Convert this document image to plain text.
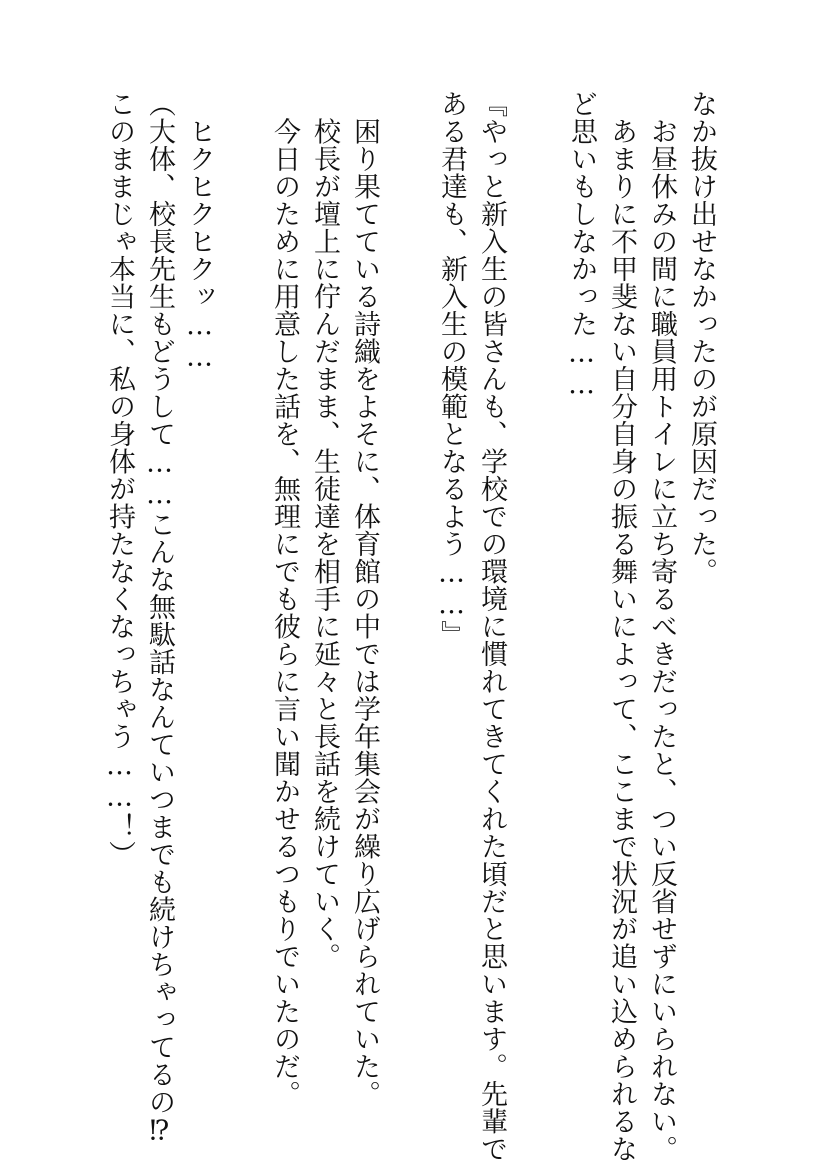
なか抜け出せなかったのが原因だった。
　お昼休みの間に職員用トイレに立ち寄るべきだったと、つい反省せずにいられない。
　あまりに不甲斐ない自分自身の振る舞いによって、ここまで状況が追い込められるな
ど思いもしなかった……
『やっと新入生の皆さんも、学校での環境に慣れてきてくれた頃だと思います。先輩で
ある君達も、新入生の模範となるよう……』
　困り果てている詩織をよそに、体育館の中では学年集会が繰り広げられていた。
　校長が壇上に佇んだまま、生徒達を相手に延々と長話を続けていく。
　今日のために用意した話を、無理にでも彼らに言い聞かせるつもりでいたのだ。
　ヒクヒクヒクッ……
（大体、校長先生もどうして……こんな無駄話なんていつまでも続けちゃってるの⁉
このままじゃ本当に、私の身体が持たなくなっちゃう……！）
